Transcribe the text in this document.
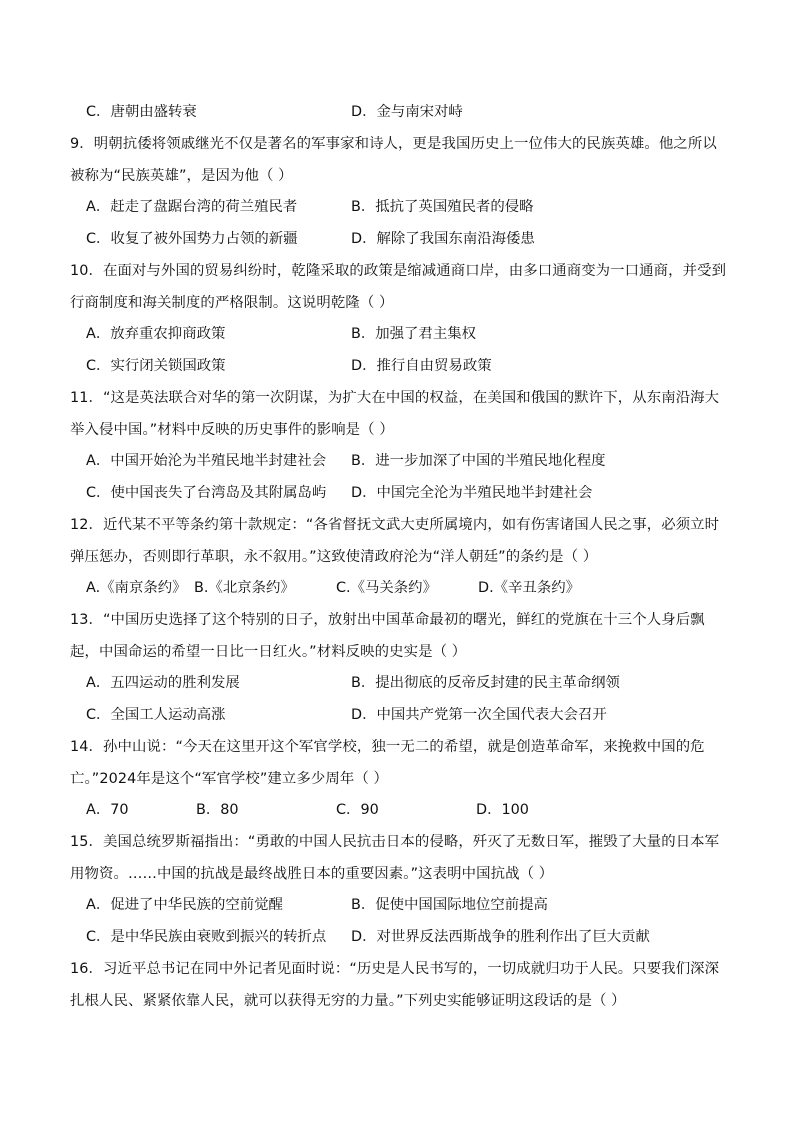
C．唐朝由盛转衰	D．金与南宋对峙
9．明朝抗倭将领戚继光不仅是著名的军事家和诗人，更是我国历史上一位伟大的民族英雄。他之所以被称为“民族英雄”，是因为他（ ）
A．赶走了盘踞台湾的荷兰殖民者	B．抵抗了英国殖民者的侵略
C．收复了被外国势力占领的新疆	D．解除了我国东南沿海倭患
10．在面对与外国的贸易纠纷时，乾隆采取的政策是缩减通商口岸，由多口通商变为一口通商，并受到行商制度和海关制度的严格限制。这说明乾隆（ ）
A．放弃重农抑商政策	B．加强了君主集权
C．实行闭关锁国政策	D．推行自由贸易政策
11．“这是英法联合对华的第一次阴谋，为扩大在中国的权益，在美国和俄国的默许下，从东南沿海大举入侵中国。”材料中反映的历史事件的影响是（ ）
A．中国开始沦为半殖民地半封建社会 B．进一步加深了中国的半殖民地化程度
C．使中国丧失了台湾岛及其附属岛屿 D．中国完全沦为半殖民地半封建社会
12．近代某不平等条约第十款规定：“各省督抚文武大吏所属境内，如有伤害诸国人民之事，必须立时弹压惩办，否则即行革职，永不叙用。”这致使清政府沦为“洋人朝廷”的条约是（ ）
A.《南京条约》 B.《北京条约》	C.《马关条约》	D.《辛丑条约》
13．“中国历史选择了这个特别的日子，放射出中国革命最初的曙光，鲜红的党旗在十三个人身后飘起，中国命运的希望一日比一日红火。”材料反映的史实是（ ）
A．五四运动的胜利发展	B．提出彻底的反帝反封建的民主革命纲领
C．全国工人运动高涨	D．中国共产党第一次全国代表大会召开
14．孙中山说：“今天在这里开这个军官学校，独一无二的希望，就是创造革命军，来挽救中国的危亡。”2024年是这个“军官学校”建立多少周年（ ）
A．70	B．80	C．90	D．100
15．美国总统罗斯福指出：“勇敢的中国人民抗击日本的侵略，歼灭了无数日军，摧毁了大量的日本军用物资。……中国的抗战是最终战胜日本的重要因素。”这表明中国抗战（ ）
A．促进了中华民族的空前觉醒	B．促使中国国际地位空前提高
C．是中华民族由衰败到振兴的转折点 D．对世界反法西斯战争的胜利作出了巨大贡献
16．习近平总书记在同中外记者见面时说：“历史是人民书写的，一切成就归功于人民。只要我们深深扎根人民、紧紧依靠人民，就可以获得无穷的力量。”下列史实能够证明这段话的是（ ）
